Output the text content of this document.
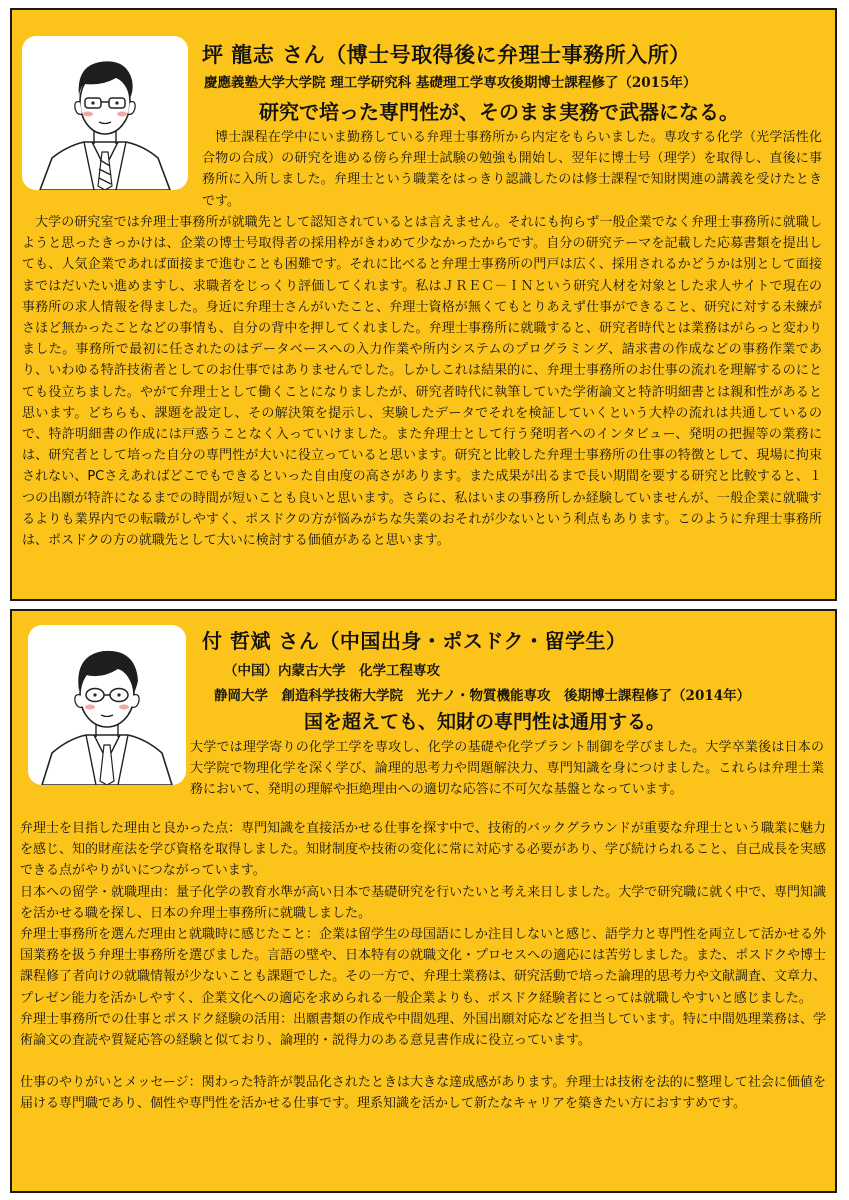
坪 龍志 さん（博士号取得後に弁理士事務所入所）
慶應義塾大学大学院 理工学研究科 基礎理工学専攻後期博士課程修了（2015年）
研究で培った専門性が、そのまま実務で武器になる。

博士課程在学中にいま勤務している弁理士事務所から内定をもらいました。専攻する化学（光学活性化合物の合成）の研究を進める傍ら弁理士試験の勉強も開始し、翌年に博士号（理学）を取得し、直後に事務所に入所しました。弁理士という職業をはっきり認識したのは修士課程で知財関連の講義を受けたときです。

大学の研究室では弁理士事務所が就職先として認知されているとは言えません。それにも拘らず一般企業でなく弁理士事務所に就職しようと思ったきっかけは、企業の博士号取得者の採用枠がきわめて少なかったからです。自分の研究テーマを記載した応募書類を提出しても、人気企業であれば面接まで進むことも困難です。それに比べると弁理士事務所の門戸は広く、採用されるかどうかは別として面接まではだいたい進めますし、求職者をじっくり評価してくれます。私はＪＲＥＣ－ＩＮという研究人材を対象とした求人サイトで現在の事務所の求人情報を得ました。身近に弁理士さんがいたこと、弁理士資格が無くてもとりあえず仕事ができること、研究に対する未練がさほど無かったことなどの事情も、自分の背中を押してくれました。弁理士事務所に就職すると、研究者時代とは業務はがらっと変わりました。事務所で最初に任されたのはデータベースへの入力作業や所内システムのプログラミング、請求書の作成などの事務作業であり、いわゆる特許技術者としてのお仕事ではありませんでした。しかしこれは結果的に、弁理士事務所のお仕事の流れを理解するのにとても役立ちました。やがて弁理士として働くことになりましたが、研究者時代に執筆していた学術論文と特許明細書とは親和性があると思います。どちらも、課題を設定し、その解決策を提示し、実験したデータでそれを検証していくという大枠の流れは共通しているので、特許明細書の作成には戸惑うことなく入っていけました。また弁理士として行う発明者へのインタビュー、発明の把握等の業務には、研究者として培った自分の専門性が大いに役立っていると思います。研究と比較した弁理士事務所の仕事の特徴として、現場に拘束されない、PCさえあればどこでもできるといった自由度の高さがあります。また成果が出るまで長い期間を要する研究と比較すると、１つの出願が特許になるまでの時間が短いことも良いと思います。さらに、私はいまの事務所しか経験していませんが、一般企業に就職するよりも業界内での転職がしやすく、ポスドクの方が悩みがちな失業のおそれが少ないという利点もあります。このように弁理士事務所は、ポスドクの方の就職先として大いに検討する価値があると思います。

付 哲斌 さん（中国出身・ポスドク・留学生）
（中国）内蒙古大学　化学工程専攻
静岡大学　創造科学技術大学院　光ナノ・物質機能専攻　後期博士課程修了（2014年）
国を超えても、知財の専門性は通用する。

大学では理学寄りの化学工学を専攻し、化学の基礎や化学プラント制御を学びました。大学卒業後は日本の大学院で物理化学を深く学び、論理的思考力や問題解決力、専門知識を身につけました。これらは弁理士業務において、発明の理解や拒絶理由への適切な応答に不可欠な基盤となっています。

弁理士を目指した理由と良かった点：専門知識を直接活かせる仕事を探す中で、技術的バックグラウンドが重要な弁理士という職業に魅力を感じ、知的財産法を学び資格を取得しました。知財制度や技術の変化に常に対応する必要があり、学び続けられること、自己成長を実感できる点がやりがいにつながっています。

日本への留学・就職理由：量子化学の教育水準が高い日本で基礎研究を行いたいと考え来日しました。大学で研究職に就く中で、専門知識を活かせる職を探し、日本の弁理士事務所に就職しました。

弁理士事務所を選んだ理由と就職時に感じたこと：企業は留学生の母国語にしか注目しないと感じ、語学力と専門性を両立して活かせる外国業務を扱う弁理士事務所を選びました。言語の壁や、日本特有の就職文化・プロセスへの適応には苦労しました。また、ポスドクや博士課程修了者向けの就職情報が少ないことも課題でした。その一方で、弁理士業務は、研究活動で培った論理的思考力や文献調査、文章力、プレゼン能力を活かしやすく、企業文化への適応を求められる一般企業よりも、ポスドク経験者にとっては就職しやすいと感じました。

弁理士事務所での仕事とポスドク経験の活用：出願書類の作成や中間処理、外国出願対応などを担当しています。特に中間処理業務は、学術論文の査読や質疑応答の経験と似ており、論理的・説得力のある意見書作成に役立っています。

仕事のやりがいとメッセージ：関わった特許が製品化されたときは大きな達成感があります。弁理士は技術を法的に整理して社会に価値を届ける専門職であり、個性や専門性を活かせる仕事です。理系知識を活かして新たなキャリアを築きたい方におすすめです。
